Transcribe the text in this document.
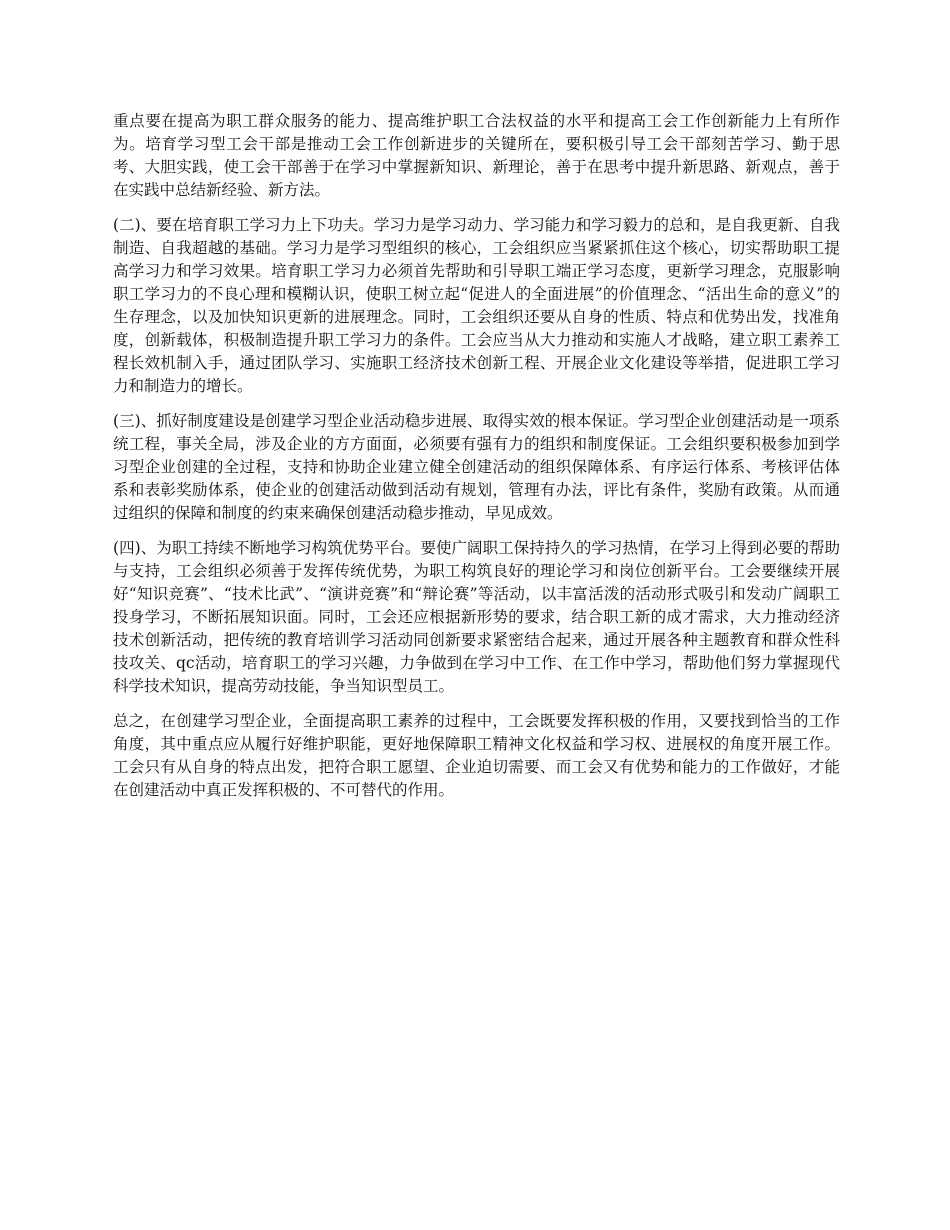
重点要在提高为职工群众服务的能力、提高维护职工合法权益的水平和提高工会工作创新能力上有所作为。培育学习型工会干部是推动工会工作创新进步的关键所在，要积极引导工会干部刻苦学习、勤于思考、大胆实践，使工会干部善于在学习中掌握新知识、新理论，善于在思考中提升新思路、新观点，善于在实践中总结新经验、新方法。

(二)、要在培育职工学习力上下功夫。学习力是学习动力、学习能力和学习毅力的总和，是自我更新、自我制造、自我超越的基础。学习力是学习型组织的核心，工会组织应当紧紧抓住这个核心，切实帮助职工提高学习力和学习效果。培育职工学习力必须首先帮助和引导职工端正学习态度，更新学习理念，克服影响职工学习力的不良心理和模糊认识，使职工树立起“促进人的全面进展”的价值理念、“活出生命的意义”的生存理念，以及加快知识更新的进展理念。同时，工会组织还要从自身的性质、特点和优势出发，找准角度，创新载体，积极制造提升职工学习力的条件。工会应当从大力推动和实施人才战略，建立职工素养工程长效机制入手，通过团队学习、实施职工经济技术创新工程、开展企业文化建设等举措，促进职工学习力和制造力的增长。

(三)、抓好制度建设是创建学习型企业活动稳步进展、取得实效的根本保证。学习型企业创建活动是一项系统工程，事关全局，涉及企业的方方面面，必须要有强有力的组织和制度保证。工会组织要积极参加到学习型企业创建的全过程，支持和协助企业建立健全创建活动的组织保障体系、有序运行体系、考核评估体系和表彰奖励体系，使企业的创建活动做到活动有规划，管理有办法，评比有条件，奖励有政策。从而通过组织的保障和制度的约束来确保创建活动稳步推动，早见成效。

(四)、为职工持续不断地学习构筑优势平台。要使广阔职工保持持久的学习热情，在学习上得到必要的帮助与支持，工会组织必须善于发挥传统优势，为职工构筑良好的理论学习和岗位创新平台。工会要继续开展好“知识竞赛”、“技术比武”、“演讲竞赛”和“辩论赛”等活动，以丰富活泼的活动形式吸引和发动广阔职工投身学习，不断拓展知识面。同时，工会还应根据新形势的要求，结合职工新的成才需求，大力推动经济技术创新活动，把传统的教育培训学习活动同创新要求紧密结合起来，通过开展各种主题教育和群众性科技攻关、qc活动，培育职工的学习兴趣，力争做到在学习中工作、在工作中学习，帮助他们努力掌握现代科学技术知识，提高劳动技能，争当知识型员工。

总之，在创建学习型企业，全面提高职工素养的过程中，工会既要发挥积极的作用，又要找到恰当的工作角度，其中重点应从履行好维护职能，更好地保障职工精神文化权益和学习权、进展权的角度开展工作。工会只有从自身的特点出发，把符合职工愿望、企业迫切需要、而工会又有优势和能力的工作做好，才能在创建活动中真正发挥积极的、不可替代的作用。
